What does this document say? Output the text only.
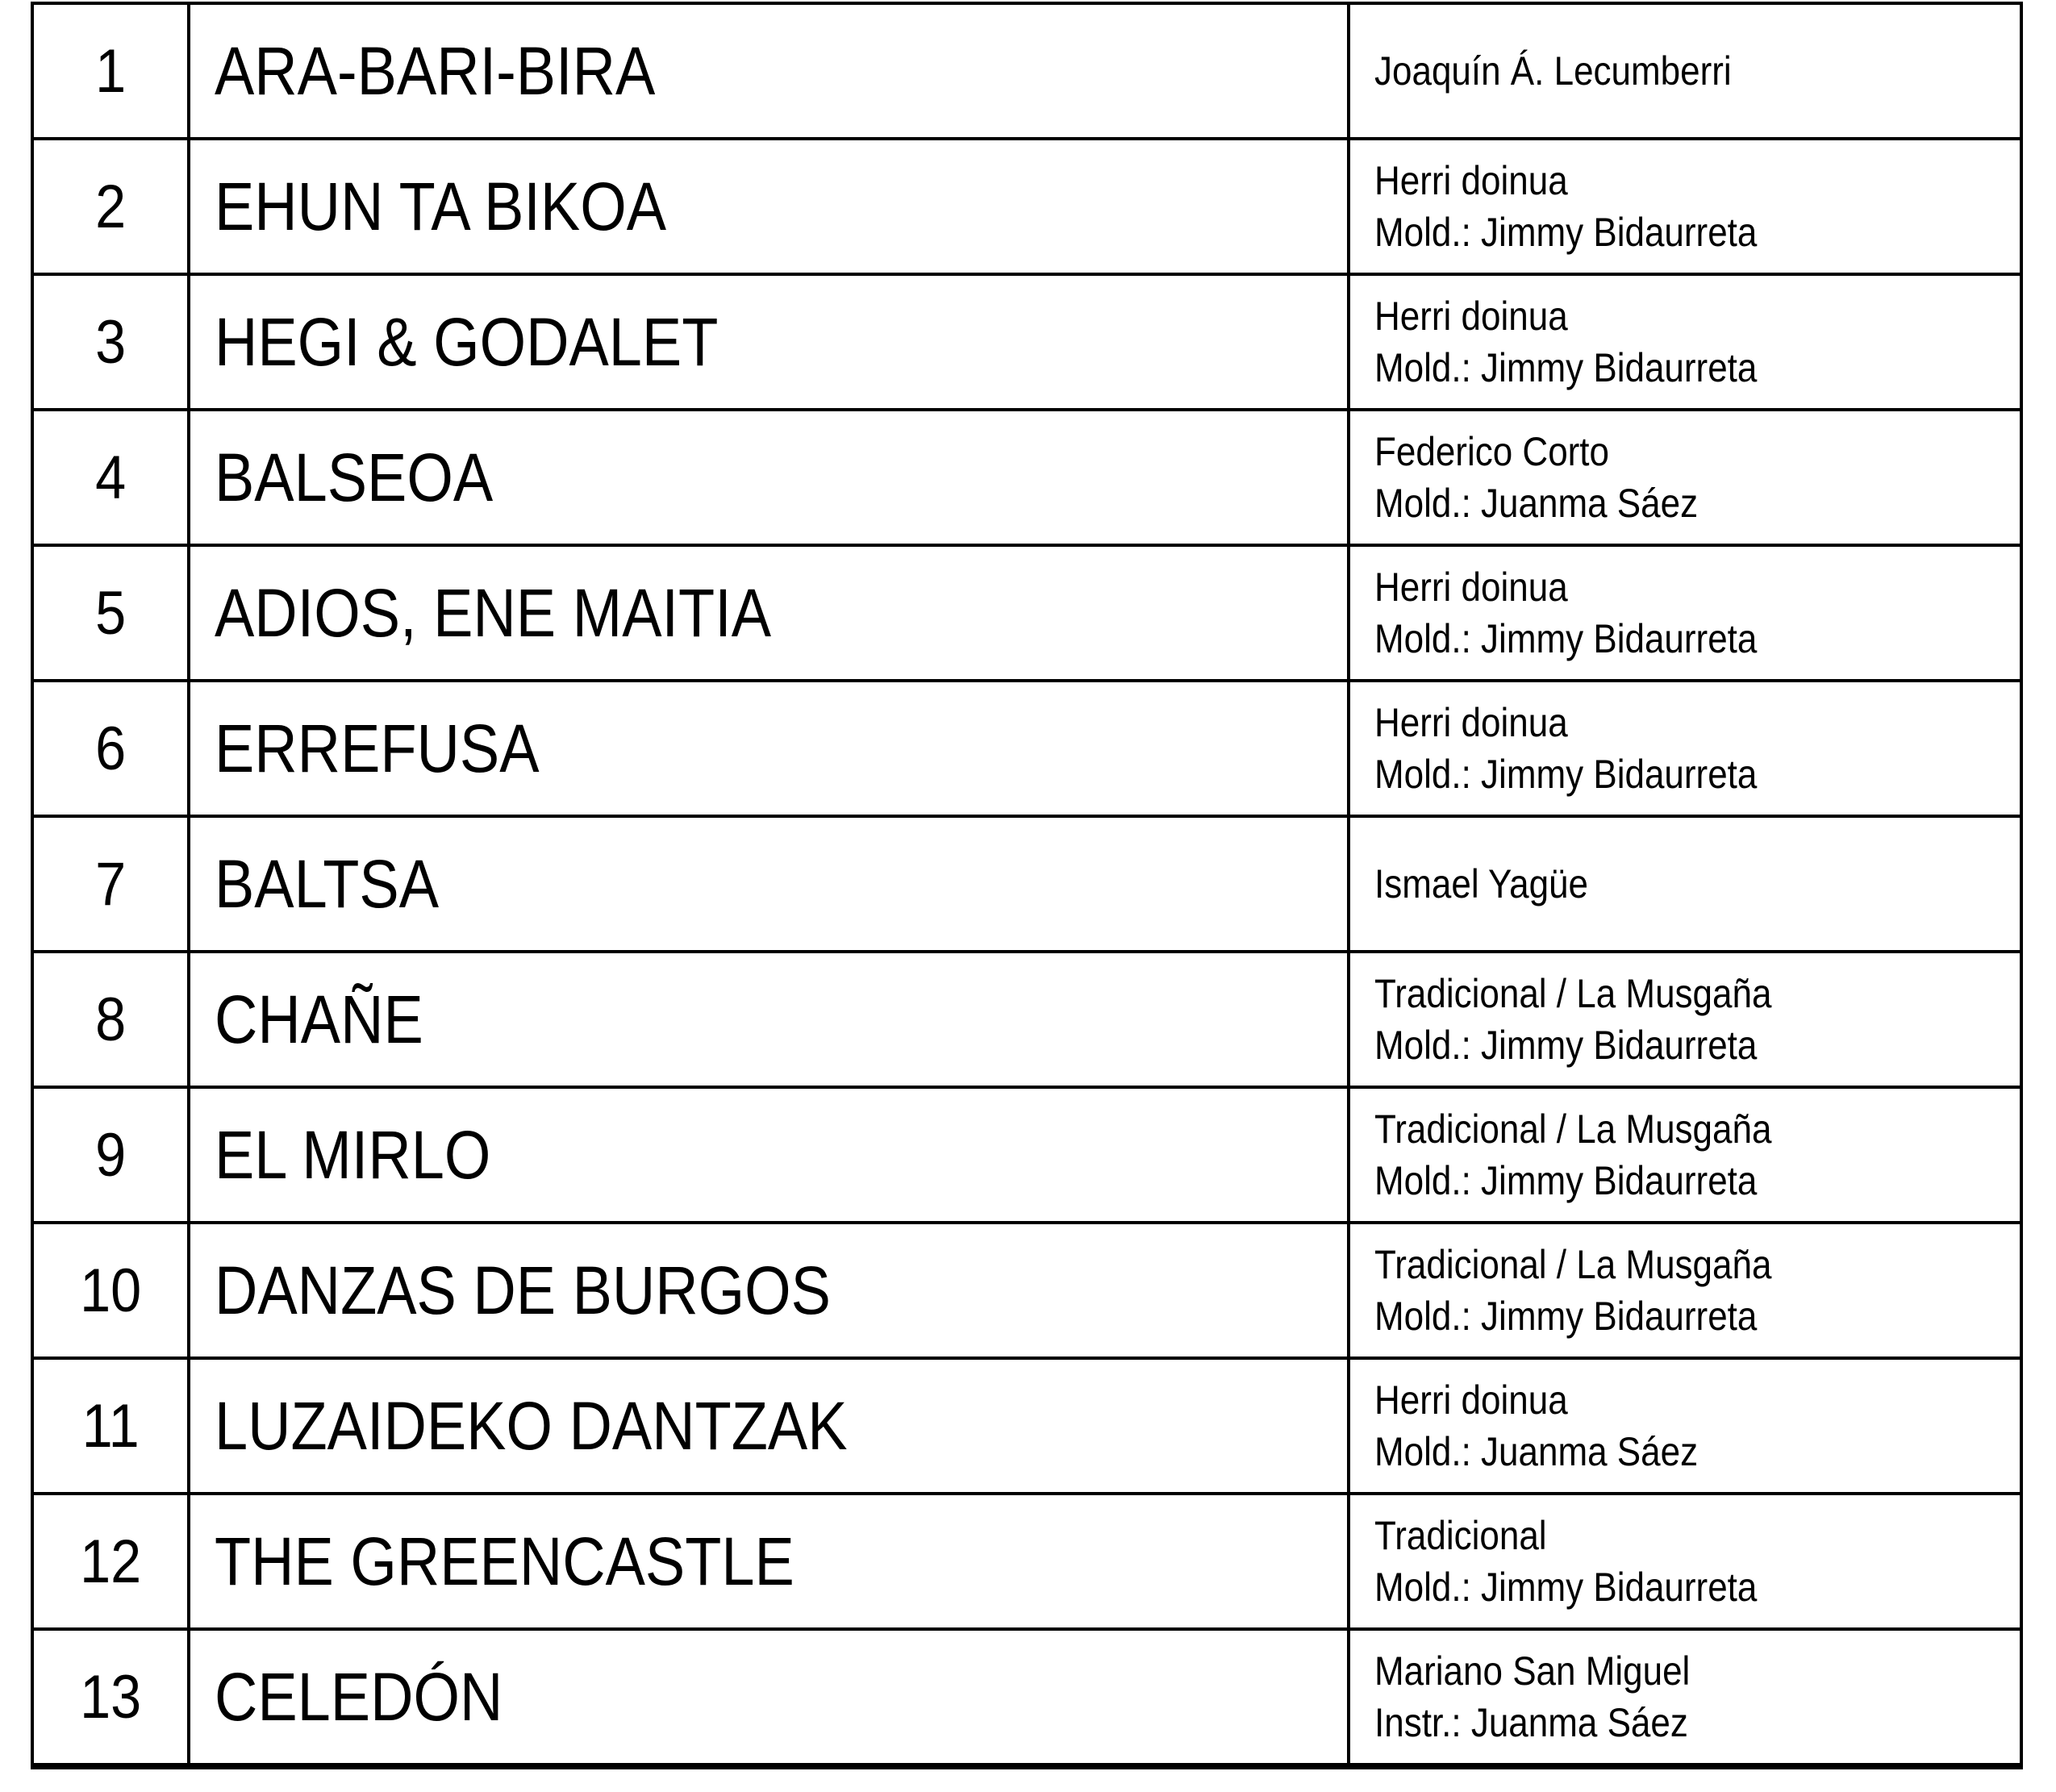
1	ARA-BARI-BIRA	Joaquín Á. Lecumberri

2	EHUN TA BIKOA	Herri doinua
Mold.: Jimmy Bidaurreta

3	HEGI & GODALET	Herri doinua
Mold.: Jimmy Bidaurreta

4	BALSEOA	Federico Corto
Mold.: Juanma Sáez

5	ADIOS, ENE MAITIA	Herri doinua
Mold.: Jimmy Bidaurreta

6	ERREFUSA	Herri doinua
Mold.: Jimmy Bidaurreta

7	BALTSA	Ismael Yagüe

8	CHAÑE	Tradicional / La Musgaña
Mold.: Jimmy Bidaurreta

9	EL MIRLO	Tradicional / La Musgaña
Mold.: Jimmy Bidaurreta

10	DANZAS DE BURGOS	Tradicional / La Musgaña
Mold.: Jimmy Bidaurreta

11	LUZAIDEKO DANTZAK	Herri doinua
Mold.: Juanma Sáez

12	THE GREENCASTLE	Tradicional
Mold.: Jimmy Bidaurreta

13	CELEDÓN	Mariano San Miguel
Instr.: Juanma Sáez
